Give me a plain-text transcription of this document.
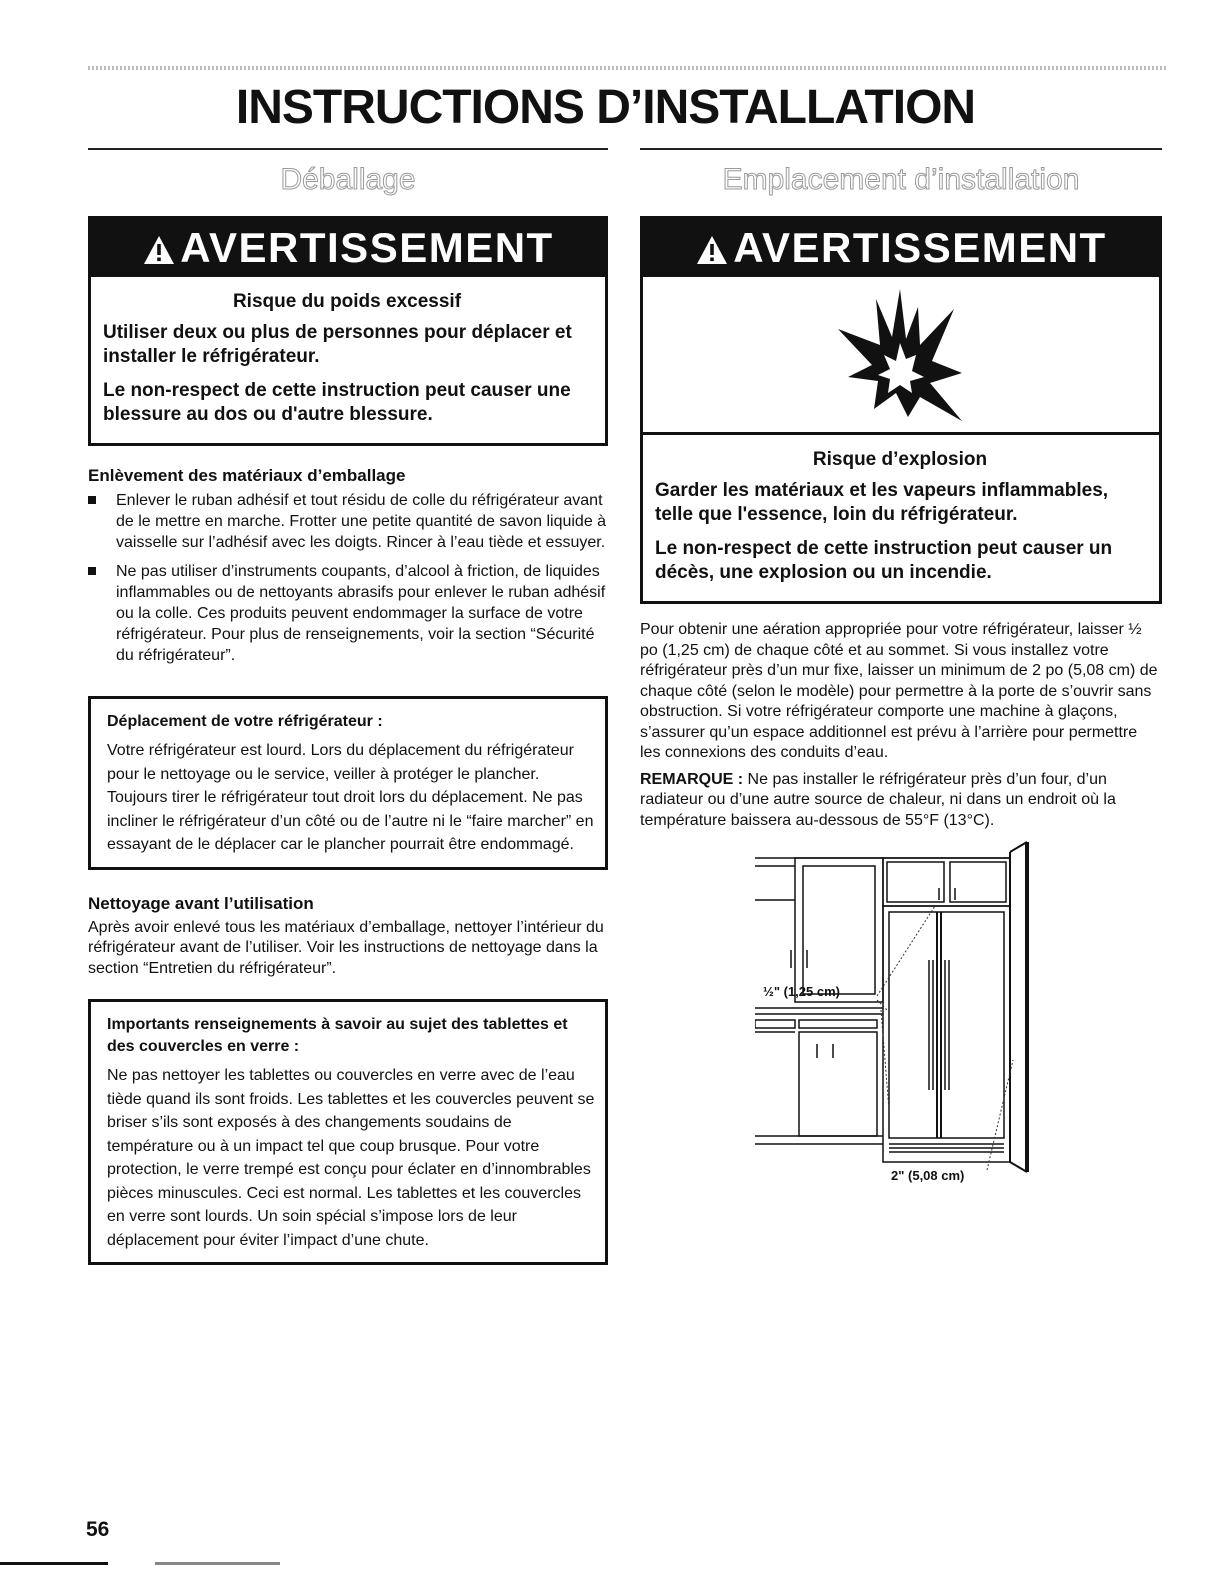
INSTRUCTIONS D’INSTALLATION
Déballage
AVERTISSEMENT

Risque du poids excessif

Utiliser deux ou plus de personnes pour déplacer et installer le réfrigérateur.

Le non-respect de cette instruction peut causer une blessure au dos ou d'autre blessure.

Enlèvement des matériaux d’emballage
Enlever le ruban adhésif et tout résidu de colle du réfrigérateur avant de le mettre en marche. Frotter une petite quantité de savon liquide à vaisselle sur l’adhésif avec les doigts. Rincer à l’eau tiède et essuyer.
Ne pas utiliser d’instruments coupants, d’alcool à friction, de liquides inflammables ou de nettoyants abrasifs pour enlever le ruban adhésif ou la colle. Ces produits peuvent endommager la surface de votre réfrigérateur. Pour plus de renseignements, voir la section “Sécurité du réfrigérateur”.

Déplacement de votre réfrigérateur :

Votre réfrigérateur est lourd. Lors du déplacement du réfrigérateur pour le nettoyage ou le service, veiller à protéger le plancher. Toujours tirer le réfrigérateur tout droit lors du déplacement. Ne pas incliner le réfrigérateur d’un côté ou de l’autre ni le “faire marcher” en essayant de le déplacer car le plancher pourrait être endommagé.

Nettoyage avant l’utilisation

Après avoir enlevé tous les matériaux d’emballage, nettoyer l’intérieur du réfrigérateur avant de l’utiliser. Voir les instructions de nettoyage dans la section “Entretien du réfrigérateur”.

Importants renseignements à savoir au sujet des tablettes et des couvercles en verre :

Ne pas nettoyer les tablettes ou couvercles en verre avec de l’eau tiède quand ils sont froids. Les tablettes et les couvercles peuvent se briser s’ils sont exposés à des changements soudains de température ou à un impact tel que coup brusque. Pour votre protection, le verre trempé est conçu pour éclater en d’innombrables pièces minuscules. Ceci est normal. Les tablettes et les couvercles en verre sont lourds. Un soin spécial s’impose lors de leur déplacement pour éviter l’impact d’une chute.

Emplacement d’installation
AVERTISSEMENT

Risque d’explosion

Garder les matériaux et les vapeurs inflammables, telle que l'essence, loin du réfrigérateur.

Le non-respect de cette instruction peut causer un décès, une explosion ou un incendie.

Pour obtenir une aération appropriée pour votre réfrigérateur, laisser ½ po (1,25 cm) de chaque côté et au sommet. Si vous installez votre réfrigérateur près d’un mur fixe, laisser un minimum de 2 po (5,08 cm) de chaque côté (selon le modèle) pour permettre à la porte de s’ouvrir sans obstruction. Si votre réfrigérateur comporte une machine à glaçons, s’assurer qu’un espace additionnel est prévu à l’arrière pour permettre les connexions des conduits d’eau.

REMARQUE : Ne pas installer le réfrigérateur près d’un four, d’un radiateur ou d’une autre source de chaleur, ni dans un endroit où la température baissera au-dessous de 55°F (13°C).

½" (1,25 cm)
2" (5,08 cm)
56
